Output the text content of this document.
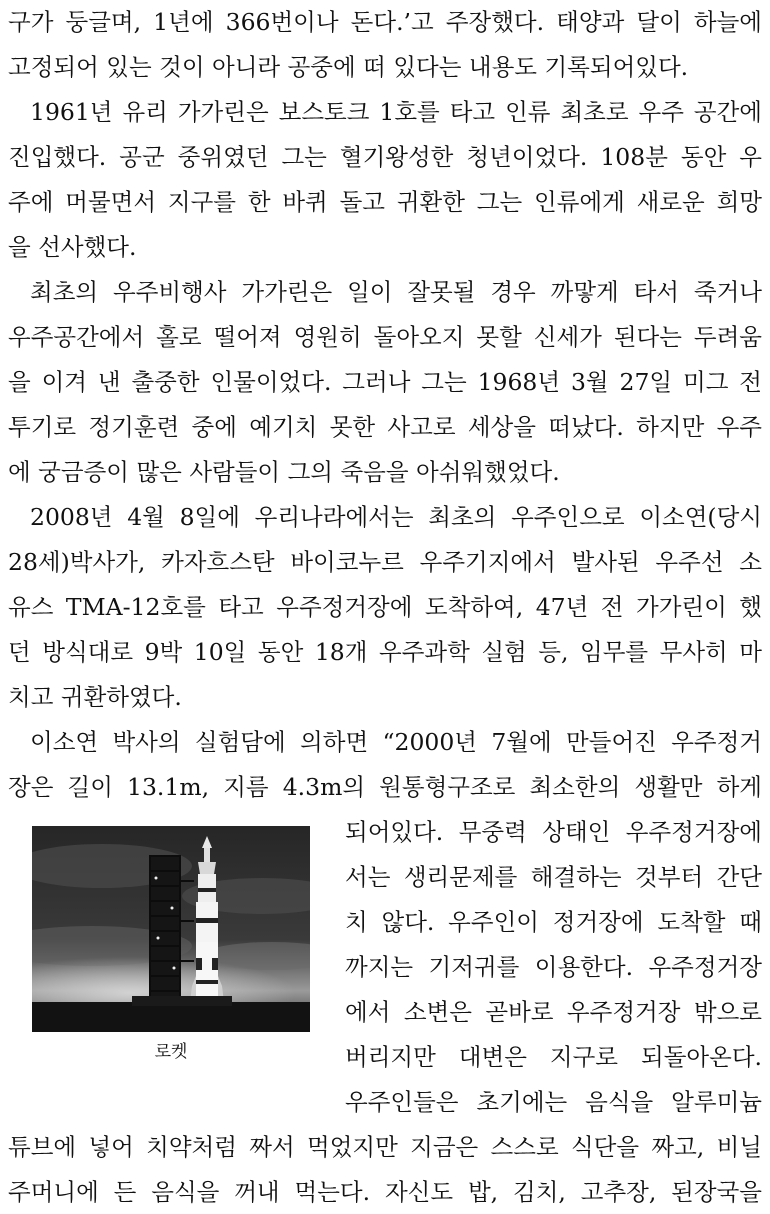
구가 둥글며, 1년에 366번이나 돈다.’고 주장했다. 태양과 달이 하늘에
고정되어 있는 것이 아니라 공중에 떠 있다는 내용도 기록되어있다.
1961년 유리 가가린은 보스토크 1호를 타고 인류 최초로 우주 공간에
진입했다. 공군 중위였던 그는 혈기왕성한 청년이었다. 108분 동안 우
주에 머물면서 지구를 한 바퀴 돌고 귀환한 그는 인류에게 새로운 희망
을 선사했다.
최초의 우주비행사 가가린은 일이 잘못될 경우 까맣게 타서 죽거나
우주공간에서 홀로 떨어져 영원히 돌아오지 못할 신세가 된다는 두려움
을 이겨 낸 출중한 인물이었다. 그러나 그는 1968년 3월 27일 미그 전
투기로 정기훈련 중에 예기치 못한 사고로 세상을 떠났다. 하지만 우주
에 궁금증이 많은 사람들이 그의 죽음을 아쉬워했었다.
2008년 4월 8일에 우리나라에서는 최초의 우주인으로 이소연(당시
28세)박사가, 카자흐스탄 바이코누르 우주기지에서 발사된 우주선 소
유스 TMA-12호를 타고 우주정거장에 도착하여, 47년 전 가가린이 했
던 방식대로 9박 10일 동안 18개 우주과학 실험 등, 임무를 무사히 마
치고 귀환하였다.
이소연 박사의 실험담에 의하면 “2000년 7월에 만들어진 우주정거
장은 길이 13.1m, 지름 4.3m의 원통형구조로 최소한의 생활만 하게
되어있다. 무중력 상태인 우주정거장에
서는 생리문제를 해결하는 것부터 간단
치 않다. 우주인이 정거장에 도착할 때
까지는 기저귀를 이용한다. 우주정거장
에서 소변은 곧바로 우주정거장 밖으로
버리지만 대변은 지구로 되돌아온다.
우주인들은 초기에는 음식을 알루미늄
튜브에 넣어 치약처럼 짜서 먹었지만 지금은 스스로 식단을 짜고, 비닐
주머니에 든 음식을 꺼내 먹는다. 자신도 밥, 김치, 고추장, 된장국을
로켓
